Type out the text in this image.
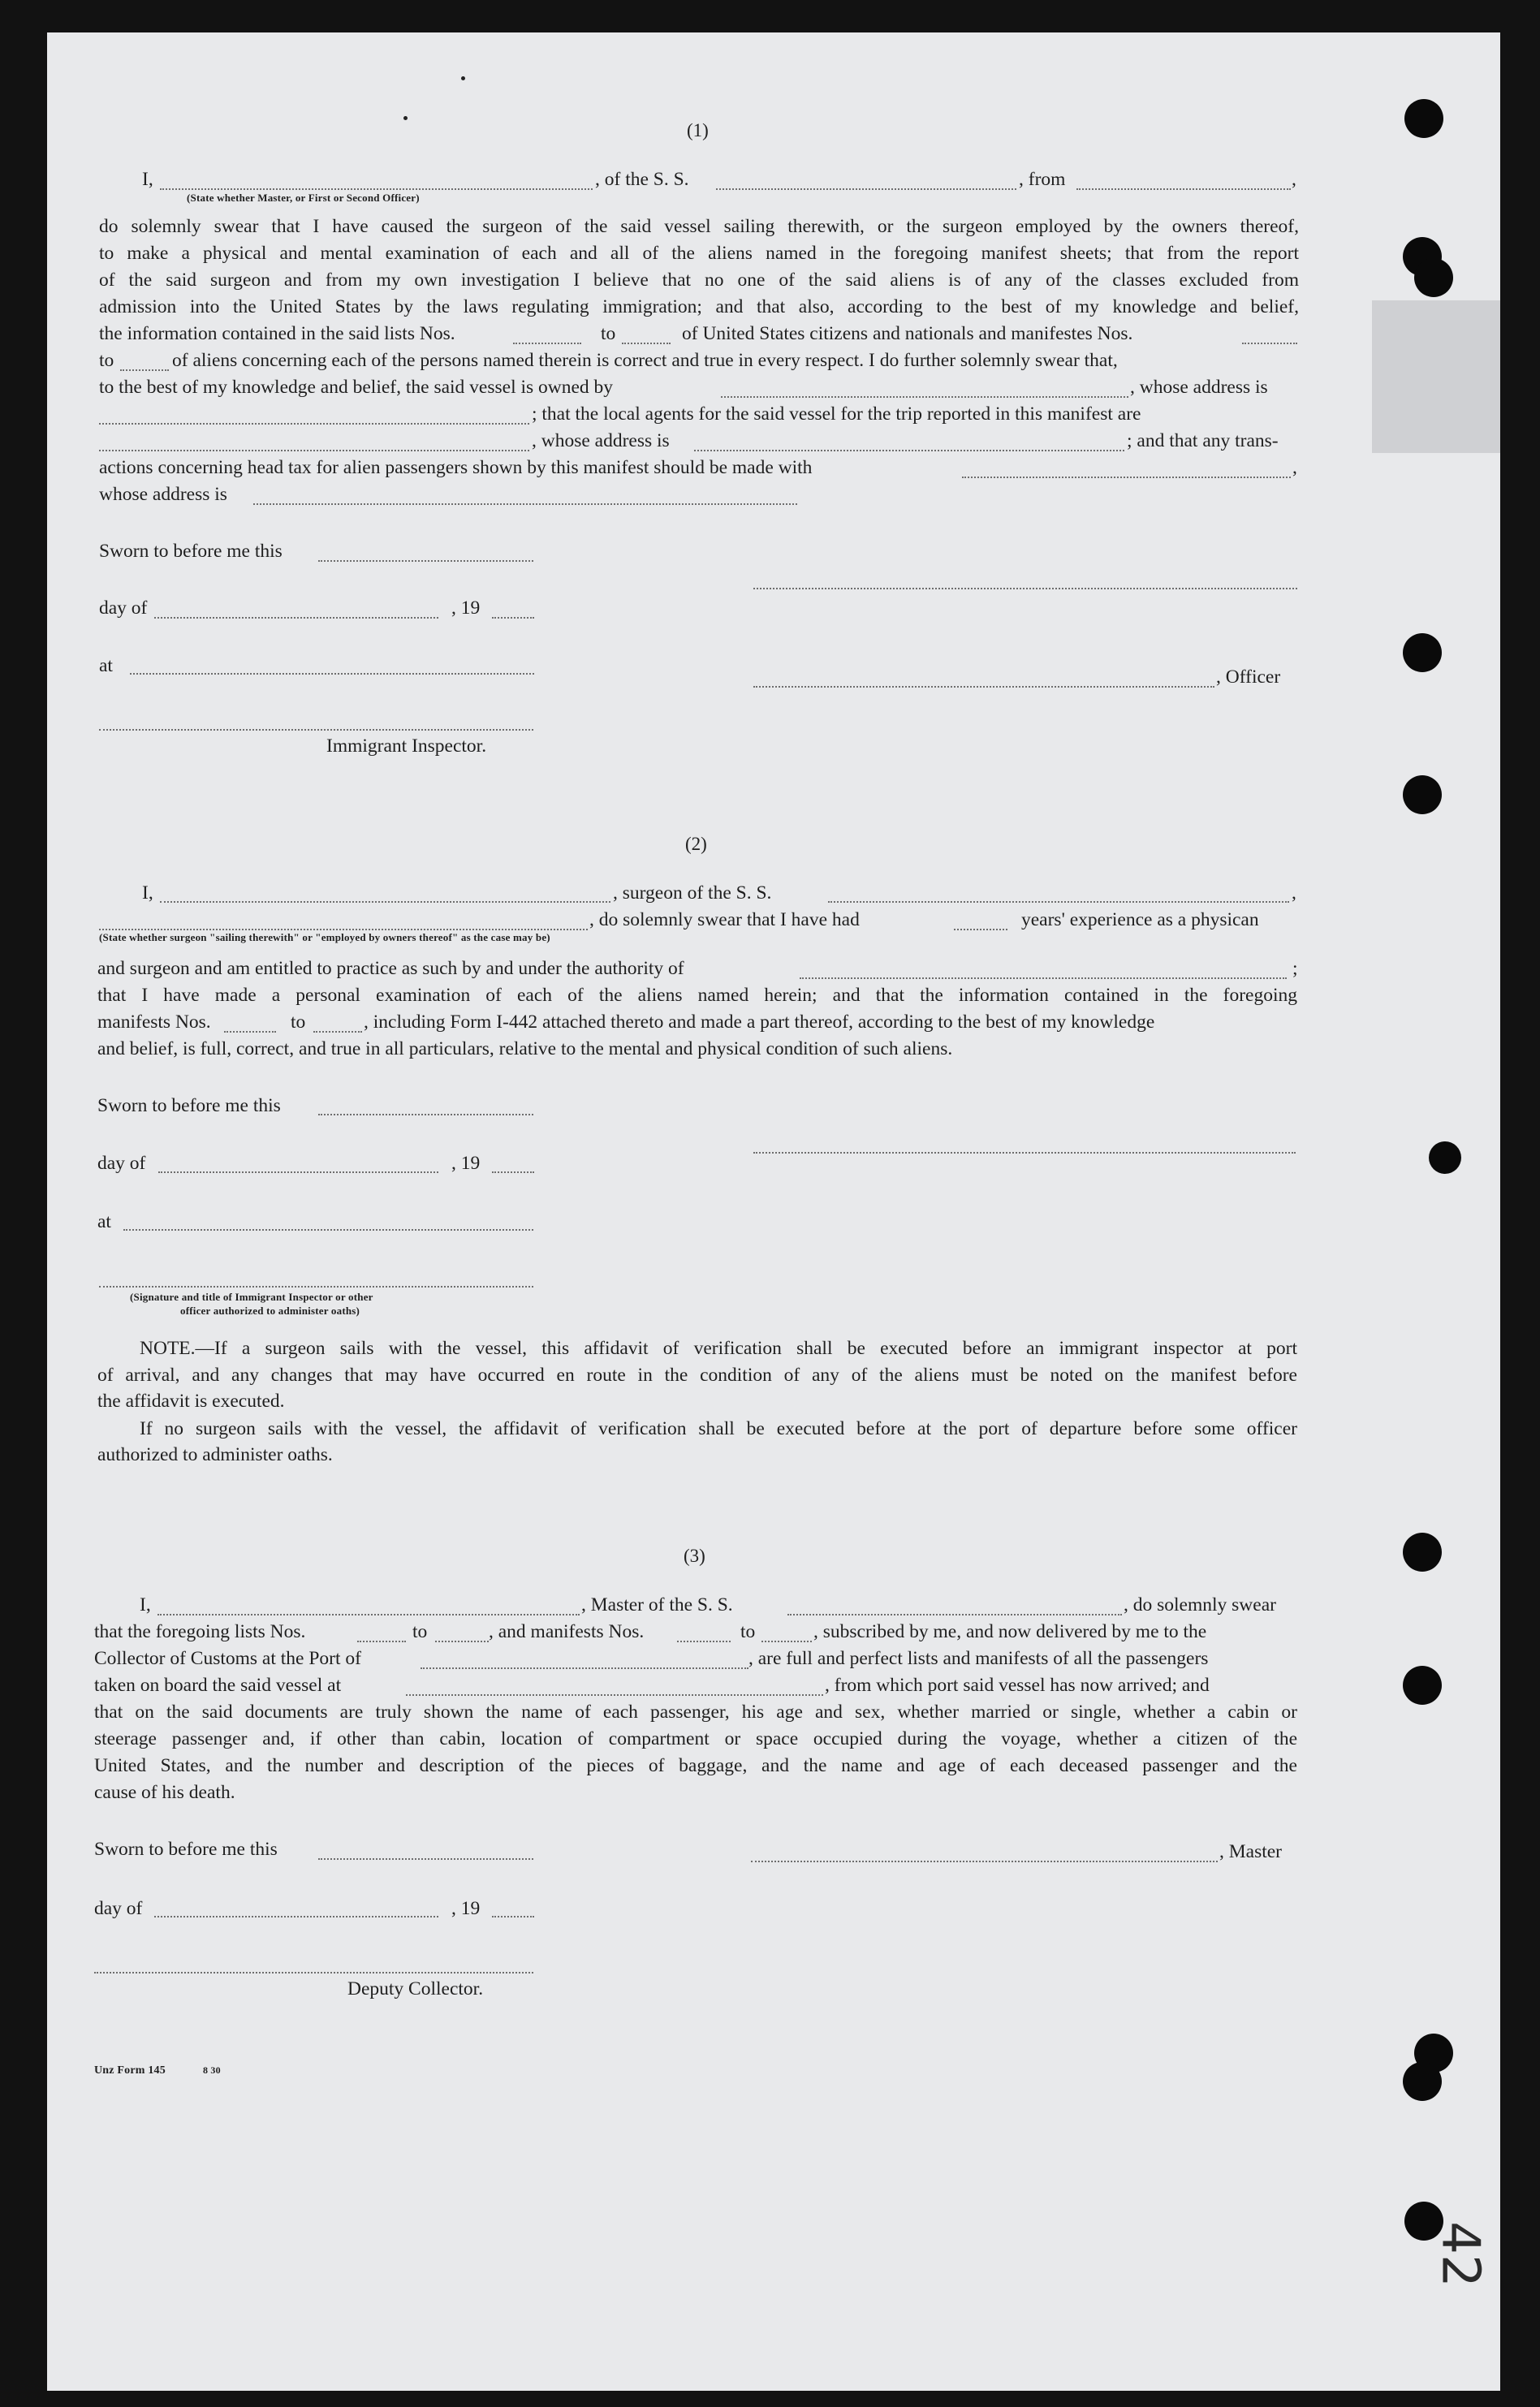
42
(1)
I,	, of the S. S.	, from	,
(State whether Master, or First or Second Officer)
do solemnly swear that I have caused the surgeon of the said vessel sailing therewith, or the surgeon employed by the owners thereof,
to make a physical and mental examination of each and all of the aliens named in the foregoing manifest sheets; that from the report
of the said surgeon and from my own investigation I believe that no one of the said aliens is of any of the classes excluded from
admission into the United States by the laws regulating immigration; and that also, according to the best of my knowledge and belief,
the information contained in the said lists Nos.	to	of United States citizens and nationals and manifestes Nos.
to	of aliens concerning each of the persons named therein is correct and true in every respect. I do further solemnly swear that,
to the best of my knowledge and belief, the said vessel is owned by	, whose address is
; that the local agents for the said vessel for the trip reported in this manifest are
, whose address is	; and that any trans-
actions concerning head tax for alien passengers shown by this manifest should be made with	,
whose address is
Sworn to before me this
day of	, 19
at
, Officer
Immigrant Inspector.
(2)
I,	, surgeon of the S. S.	,
, do solemnly swear that I have had	years' experience as a physican
(State whether surgeon "sailing therewith" or "employed by owners thereof" as the case may be)
and surgeon and am entitled to practice as such by and under the authority of	;
that I have made a personal examination of each of the aliens named herein; and that the information contained in the foregoing
manifests Nos.	to	, including Form I-442 attached thereto and made a part thereof, according to the best of my knowledge
and belief, is full, correct, and true in all particulars, relative to the mental and physical condition of such aliens.
Sworn to before me this
day of	, 19
at
(Signature and title of Immigrant Inspector or other
officer authorized to administer oaths)
NOTE.—If a surgeon sails with the vessel, this affidavit of verification shall be executed before an immigrant inspector at port
of arrival, and any changes that may have occurred en route in the condition of any of the aliens must be noted on the manifest before
the affidavit is executed.
If no surgeon sails with the vessel, the affidavit of verification shall be executed before at the port of departure before some officer
authorized to administer oaths.
(3)
I,	, Master of the S. S.	, do solemnly swear
that the foregoing lists Nos.	to	, and manifests Nos.	to	, subscribed by me, and now delivered by me to the
Collector of Customs at the Port of	, are full and perfect lists and manifests of all the passengers
taken on board the said vessel at	, from which port said vessel has now arrived; and
that on the said documents are truly shown the name of each passenger, his age and sex, whether married or single, whether a cabin or
steerage passenger and, if other than cabin, location of compartment or space occupied during the voyage, whether a citizen of the
United States, and the number and description of the pieces of baggage, and the name and age of each deceased passenger and the
cause of his death.
Sworn to before me this	, Master
day of	, 19
Deputy Collector.
Unz Form 145	8 30
